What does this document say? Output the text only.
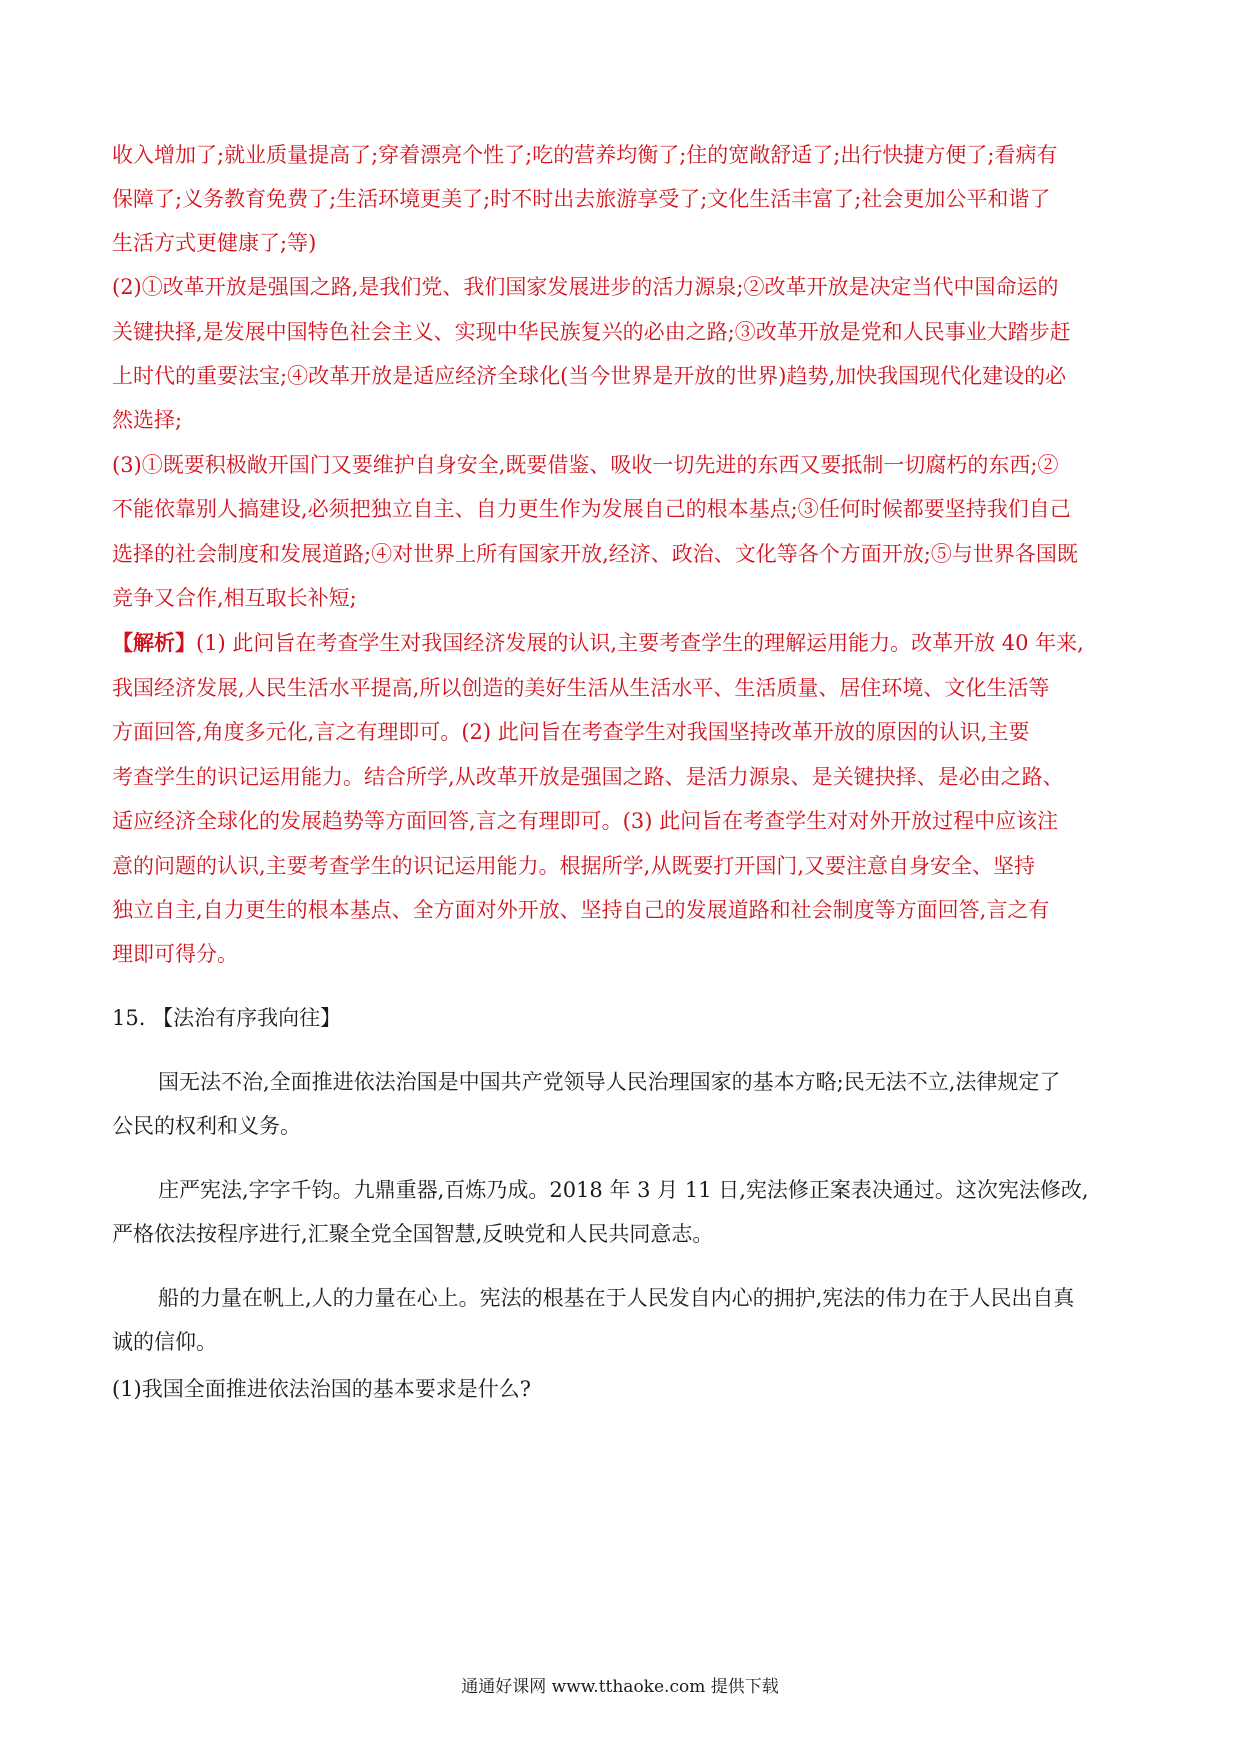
收入增加了;就业质量提高了;穿着漂亮个性了;吃的营养均衡了;住的宽敞舒适了;出行快捷方便了;看病有
保障了;义务教育免费了;生活环境更美了;时不时出去旅游享受了;文化生活丰富了;社会更加公平和谐了
生活方式更健康了;等)
(2)①改革开放是强国之路,是我们党、我们国家发展进步的活力源泉;②改革开放是决定当代中国命运的
关键抉择,是发展中国特色社会主义、实现中华民族复兴的必由之路;③改革开放是党和人民事业大踏步赶
上时代的重要法宝;④改革开放是适应经济全球化(当今世界是开放的世界)趋势,加快我国现代化建设的必
然选择;
(3)①既要积极敞开国门又要维护自身安全,既要借鉴、吸收一切先进的东西又要抵制一切腐朽的东西;②
不能依靠别人搞建设,必须把独立自主、自力更生作为发展自己的根本基点;③任何时候都要坚持我们自己
选择的社会制度和发展道路;④对世界上所有国家开放,经济、政治、文化等各个方面开放;⑤与世界各国既
竞争又合作,相互取长补短;
【解析】(1) 此问旨在考查学生对我国经济发展的认识,主要考查学生的理解运用能力。改革开放 40 年来,
我国经济发展,人民生活水平提高,所以创造的美好生活从生活水平、生活质量、居住环境、文化生活等
方面回答,角度多元化,言之有理即可。(2) 此问旨在考查学生对我国坚持改革开放的原因的认识,主要
考查学生的识记运用能力。结合所学,从改革开放是强国之路、是活力源泉、是关键抉择、是必由之路、
适应经济全球化的发展趋势等方面回答,言之有理即可。(3) 此问旨在考查学生对对外开放过程中应该注
意的问题的认识,主要考查学生的识记运用能力。根据所学,从既要打开国门,又要注意自身安全、坚持
独立自主,自力更生的根本基点、全方面对外开放、坚持自己的发展道路和社会制度等方面回答,言之有
理即可得分。
15. 【法治有序我向往】
国无法不治,全面推进依法治国是中国共产党领导人民治理国家的基本方略;民无法不立,法律规定了
公民的权利和义务。
庄严宪法,字字千钧。九鼎重器,百炼乃成。2018 年 3 月 11 日,宪法修正案表决通过。这次宪法修改,
严格依法按程序进行,汇聚全党全国智慧,反映党和人民共同意志。
船的力量在帆上,人的力量在心上。宪法的根基在于人民发自内心的拥护,宪法的伟力在于人民出自真
诚的信仰。
(1)我国全面推进依法治国的基本要求是什么?
通通好课网 www.tthaoke.com 提供下载
